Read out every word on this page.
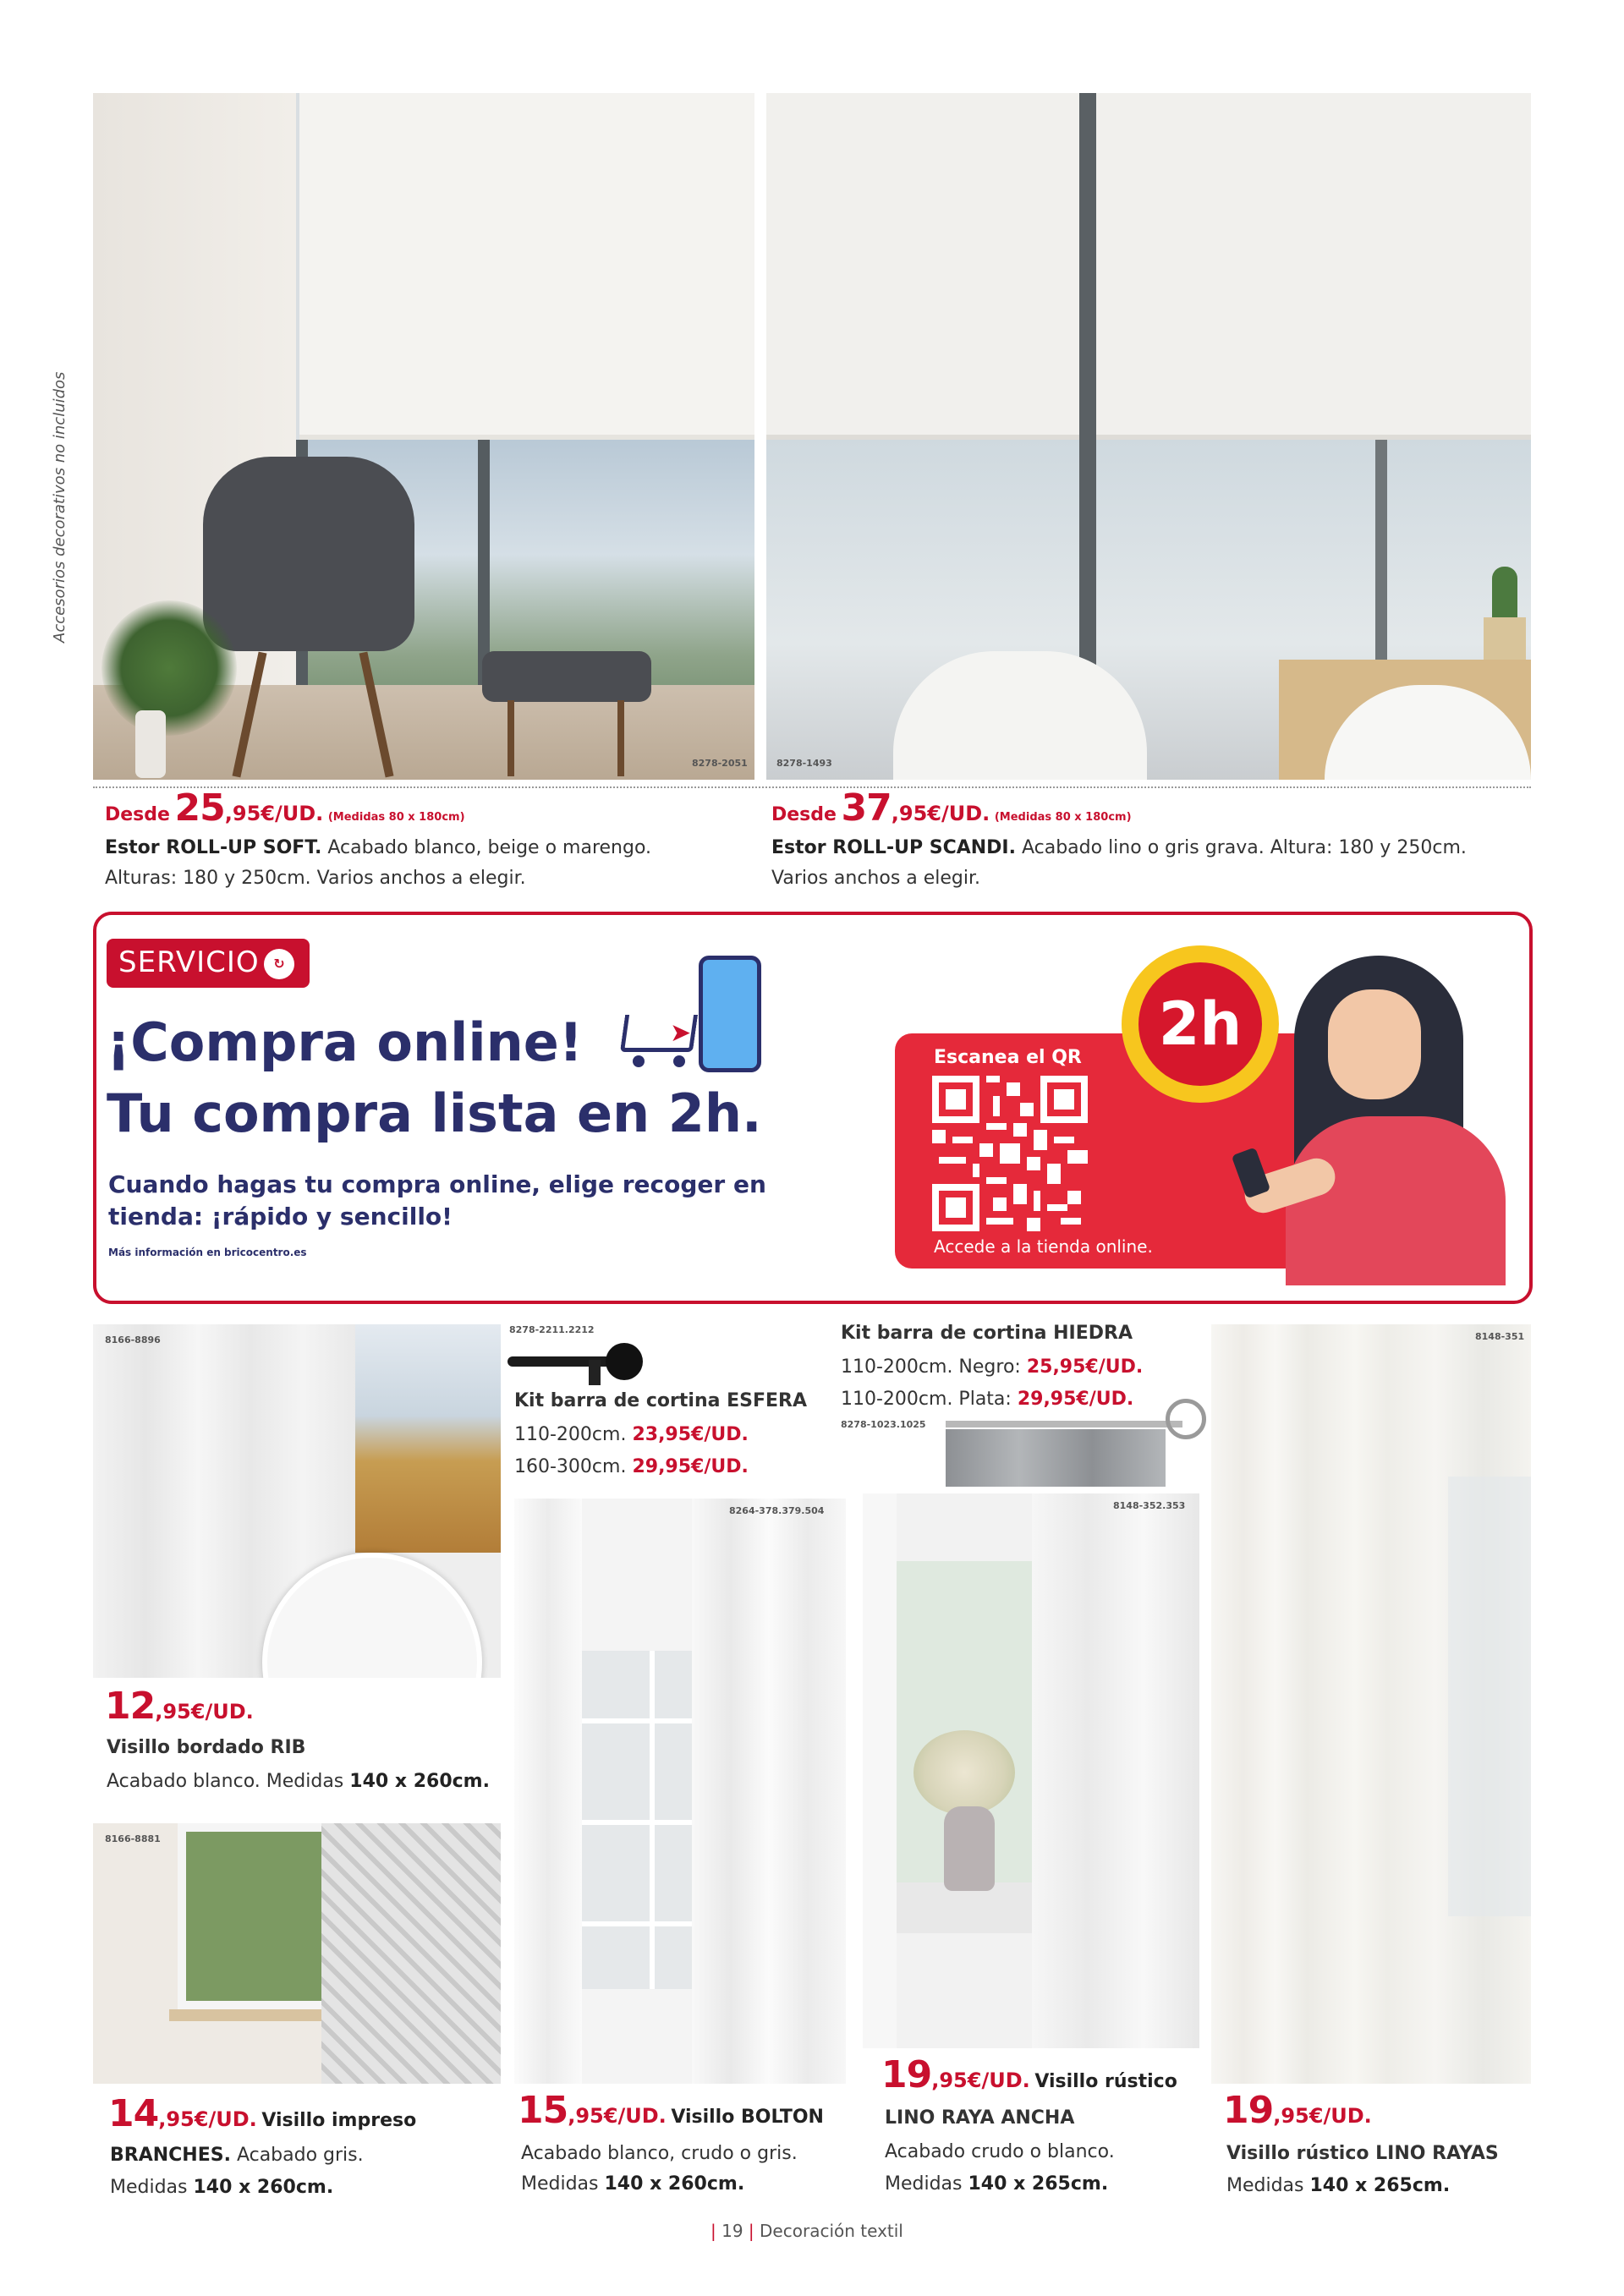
Accesorios decorativos no incluidos
8278-2051	8278-1493
Desde 25,95€/UD. (Medidas 80 x 180cm)
Estor ROLL-UP SOFT. Acabado blanco, beige o marengo.
Alturas: 180 y 250cm. Varios anchos a elegir.
Desde 37,95€/UD. (Medidas 80 x 180cm)
Estor ROLL-UP SCANDI. Acabado lino o gris grava. Altura: 180 y 250cm.
Varios anchos a elegir.
SERVICIO	↻
➤
¡Compra online!
Tu compra lista en 2h.
Cuando hagas tu compra online, elige recoger en
tienda: ¡rápido y sencillo!
Más información en bricocentro.es
Escanea el QR
Accede a la tienda online.
2h
8166-8896
12,95€/UD.
Visillo bordado RIB
Acabado blanco. Medidas 140 x 260cm.
8278-2211.2212
Kit barra de cortina ESFERA
110-200cm. 23,95€/UD.
160-300cm. 29,95€/UD.
Kit barra de cortina HIEDRA
110-200cm. Negro: 25,95€/UD.
110-200cm. Plata: 29,95€/UD.
8278-1023.1025
8264-378.379.504	8148-352.353
8148-351
8166-8881
14,95€/UD. Visillo impreso
BRANCHES. Acabado gris.
Medidas 140 x 260cm.
15,95€/UD. Visillo BOLTON
Acabado blanco, crudo o gris.
Medidas 140 x 260cm.
19,95€/UD. Visillo rústico
LINO RAYA ANCHA
Acabado crudo o blanco.
Medidas 140 x 265cm.
19,95€/UD.
Visillo rústico LINO RAYAS
Medidas 140 x 265cm.
| 19 | Decoración textil
